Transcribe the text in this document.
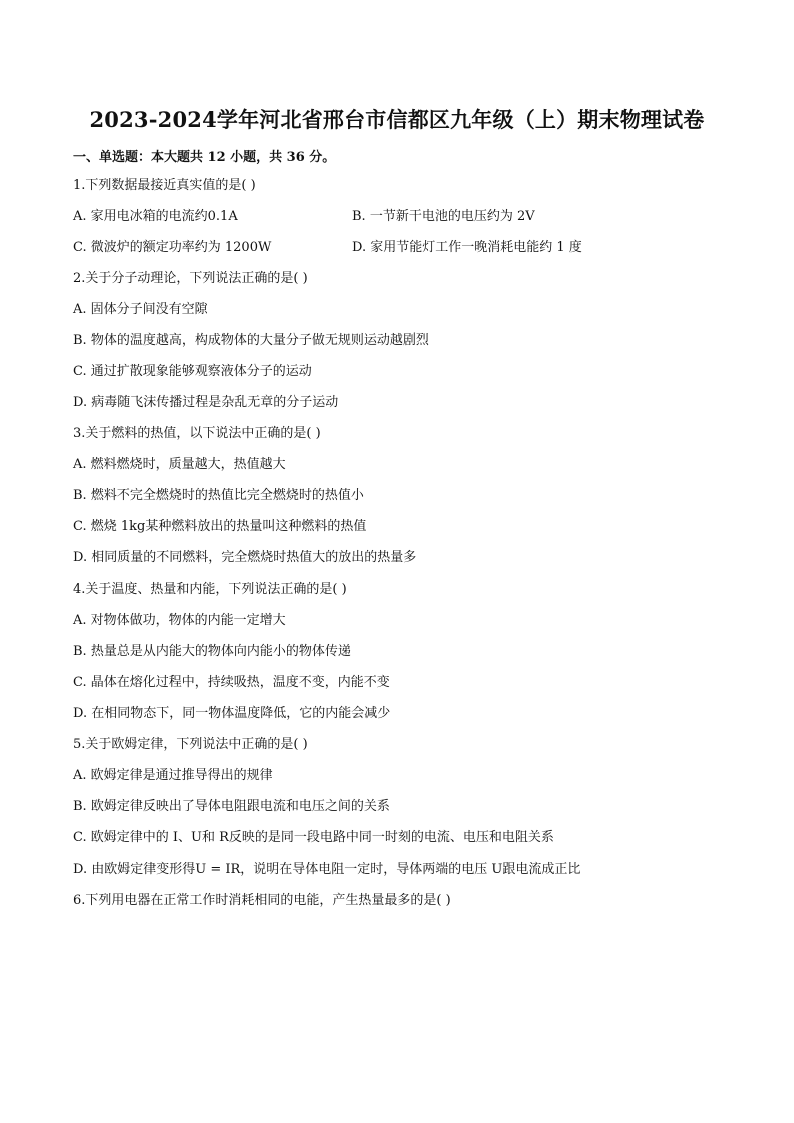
2023-2024学年河北省邢台市信都区九年级（上）期末物理试卷
一、单选题：本大题共 12 小题，共 36 分。
1.下列数据最接近真实值的是( )
A. 家用电冰箱的电流约0.1A	B. 一节新干电池的电压约为 2V
C. 微波炉的额定功率约为 1200W	D. 家用节能灯工作一晚消耗电能约 1 度
2.关于分子动理论，下列说法正确的是( )
A. 固体分子间没有空隙
B. 物体的温度越高，构成物体的大量分子做无规则运动越剧烈
C. 通过扩散现象能够观察液体分子的运动
D. 病毒随飞沫传播过程是杂乱无章的分子运动
3.关于燃料的热值，以下说法中正确的是( )
A. 燃料燃烧时，质量越大，热值越大
B. 燃料不完全燃烧时的热值比完全燃烧时的热值小
C. 燃烧 1kg某种燃料放出的热量叫这种燃料的热值
D. 相同质量的不同燃料，完全燃烧时热值大的放出的热量多
4.关于温度、热量和内能，下列说法正确的是( )
A. 对物体做功，物体的内能一定增大
B. 热量总是从内能大的物体向内能小的物体传递
C. 晶体在熔化过程中，持续吸热，温度不变，内能不变
D. 在相同物态下，同一物体温度降低，它的内能会减少
5.关于欧姆定律，下列说法中正确的是( )
A. 欧姆定律是通过推导得出的规律
B. 欧姆定律反映出了导体电阻跟电流和电压之间的关系
C. 欧姆定律中的 I、U和 R反映的是同一段电路中同一时刻的电流、电压和电阻关系
D. 由欧姆定律变形得U = IR，说明在导体电阻一定时，导体两端的电压 U跟电流成正比
6.下列用电器在正常工作时消耗相同的电能，产生热量最多的是( )
